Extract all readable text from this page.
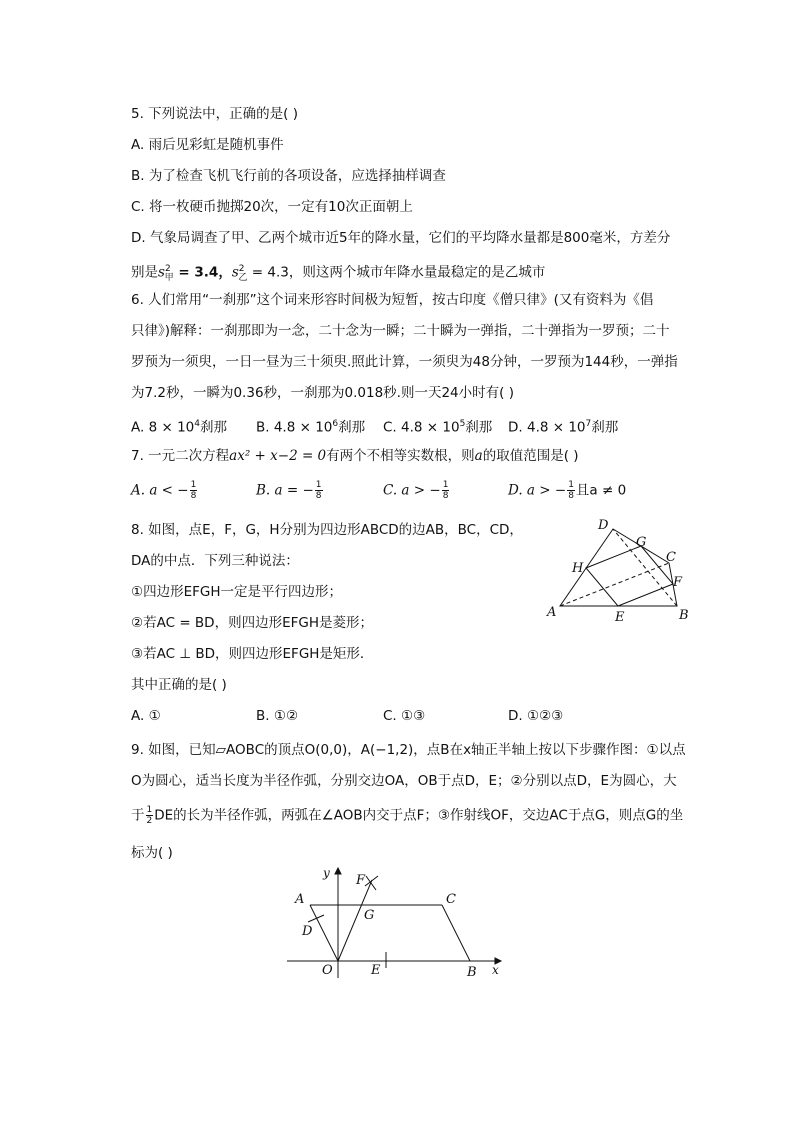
5. 下列说法中，正确的是( )
A. 雨后见彩虹是随机事件
B. 为了检查飞机飞行前的各项设备，应选择抽样调查
C. 将一枚硬币抛掷20次，一定有10次正面朝上
D. 气象局调查了甲、乙两个城市近5年的降水量，它们的平均降水量都是800毫米，方差分
别是$s^2_甲 = 3.4$，$s^2_乙 = 4.3$，则这两个城市年降水量最稳定的是乙城市
6. 人们常用“一刹那”这个词来形容时间极为短暂，按古印度《僧只律》(又有资料为《倡
只律》)解释：一刹那即为一念，二十念为一瞬；二十瞬为一弹指，二十弹指为一罗预；二十
罗预为一须臾，一日一昼为三十须臾.照此计算，一须臾为48分钟，一罗预为144秒，一弹指
为7.2秒，一瞬为0.36秒，一刹那为0.018秒.则一天24小时有( )
A. $8 \times 10^4$刹那 B. $4.8 \times 10^6$刹那 C. $4.8 \times 10^5$刹那 D. $4.8 \times 10^7$刹那
7. 一元二次方程ax² + x−2 = 0有两个不相等实数根，则a的取值范围是( )
A. a < − $\frac{1}{8}$	B. a = − $\frac{1}{8}$	C. a > − $\frac{1}{8}$	D. a > − $\frac{1}{8}$ 且a ≠ 0
8. 如图，点E，F，G，H分别为四边形ABCD的边AB，BC，CD，
DA的中点．下列三种说法：
①四边形EFGH一定是平行四边形；
②若AC = BD，则四边形EFGH是菱形；
③若AC ⊥ BD，则四边形EFGH是矩形．
其中正确的是( )
A. ①	B. ①②	C. ①③	D. ①②③
A	B
C
D
E
F
G
H
9. 如图，已知▱AOBC的顶点O(0,0)，A(−1,2)，点B在x轴正半轴上按以下步骤作图：①以点
O为圆心，适当长度为半径作弧，分别交边OA，OB于点D，E；②分别以点D，E为圆心，大
于 $\frac{1}{2}$ DE的长为半径作弧，两弧在∠AOB内交于点F；③作射线OF，交边AC于点G，则点G的坐
标为( )
y
x
F
A	C
G
D
O	E	B
